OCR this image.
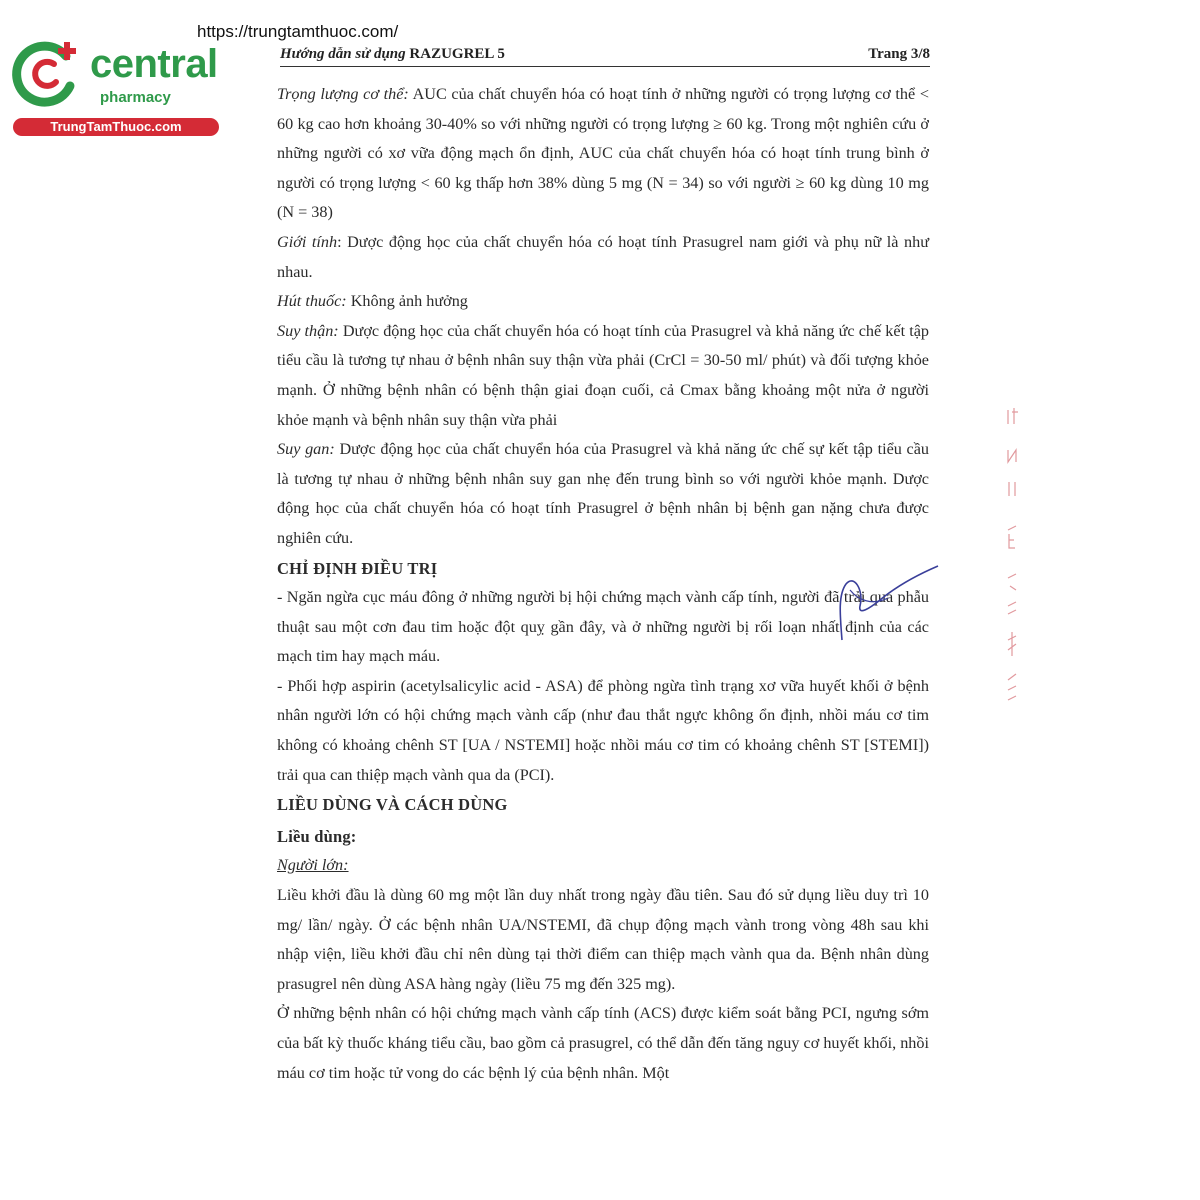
central
pharmacy
TrungTamThuoc.com
https://trungtamthuoc.com/
Hướng dẫn sử dụng RAZUGREL 5	Trang 3/8

Trọng lượng cơ thể: AUC của chất chuyển hóa có hoạt tính ở những người có trọng lượng cơ thể < 60 kg cao hơn khoảng 30-40% so với những người có trọng lượng ≥ 60 kg. Trong một nghiên cứu ở những người có xơ vữa động mạch ổn định, AUC của chất chuyển hóa có hoạt tính trung bình ở người có trọng lượng < 60 kg thấp hơn 38% dùng 5 mg (N = 34) so với người ≥ 60 kg dùng 10 mg (N = 38)

Giới tính: Dược động học của chất chuyển hóa có hoạt tính Prasugrel nam giới và phụ nữ là như nhau.

Hút thuốc: Không ảnh hưởng

Suy thận: Dược động học của chất chuyển hóa có hoạt tính của Prasugrel và khả năng ức chế kết tập tiểu cầu là tương tự nhau ở bệnh nhân suy thận vừa phải (CrCl = 30-50 ml/ phút) và đối tượng khỏe mạnh. Ở những bệnh nhân có bệnh thận giai đoạn cuối, cả Cmax bằng khoảng một nửa ở người khỏe mạnh và bệnh nhân suy thận vừa phải

Suy gan: Dược động học của chất chuyển hóa của Prasugrel và khả năng ức chế sự kết tập tiểu cầu là tương tự nhau ở những bệnh nhân suy gan nhẹ đến trung bình so với người khỏe mạnh. Dược động học của chất chuyển hóa có hoạt tính Prasugrel ở bệnh nhân bị bệnh gan nặng chưa được nghiên cứu.

CHỈ ĐỊNH ĐIỀU TRỊ

- Ngăn ngừa cục máu đông ở những người bị hội chứng mạch vành cấp tính, người đã trải qua phẫu thuật sau một cơn đau tim hoặc đột quỵ gần đây, và ở những người bị rối loạn nhất định của các mạch tim hay mạch máu.

- Phối hợp aspirin (acetylsalicylic acid - ASA) để phòng ngừa tình trạng xơ vữa huyết khối ở bệnh nhân người lớn có hội chứng mạch vành cấp (như đau thắt ngực không ổn định, nhồi máu cơ tim không có khoảng chênh ST [UA / NSTEMI] hoặc nhồi máu cơ tim có khoảng chênh ST [STEMI]) trải qua can thiệp mạch vành qua da (PCI).

LIỀU DÙNG VÀ CÁCH DÙNG

Liều dùng:

Người lớn:

Liều khởi đầu là dùng 60 mg một lần duy nhất trong ngày đầu tiên. Sau đó sử dụng liều duy trì 10 mg/ lần/ ngày. Ở các bệnh nhân UA/NSTEMI, đã chụp động mạch vành trong vòng 48h sau khi nhập viện, liều khởi đầu chỉ nên dùng tại thời điểm can thiệp mạch vành qua da. Bệnh nhân dùng prasugrel nên dùng ASA hàng ngày (liều 75 mg đến 325 mg).

Ở những bệnh nhân có hội chứng mạch vành cấp tính (ACS) được kiểm soát bằng PCI, ngưng sớm của bất kỳ thuốc kháng tiểu cầu, bao gồm cả prasugrel, có thể dẫn đến tăng nguy cơ huyết khối, nhồi máu cơ tim hoặc tử vong do các bệnh lý của bệnh nhân. Một
